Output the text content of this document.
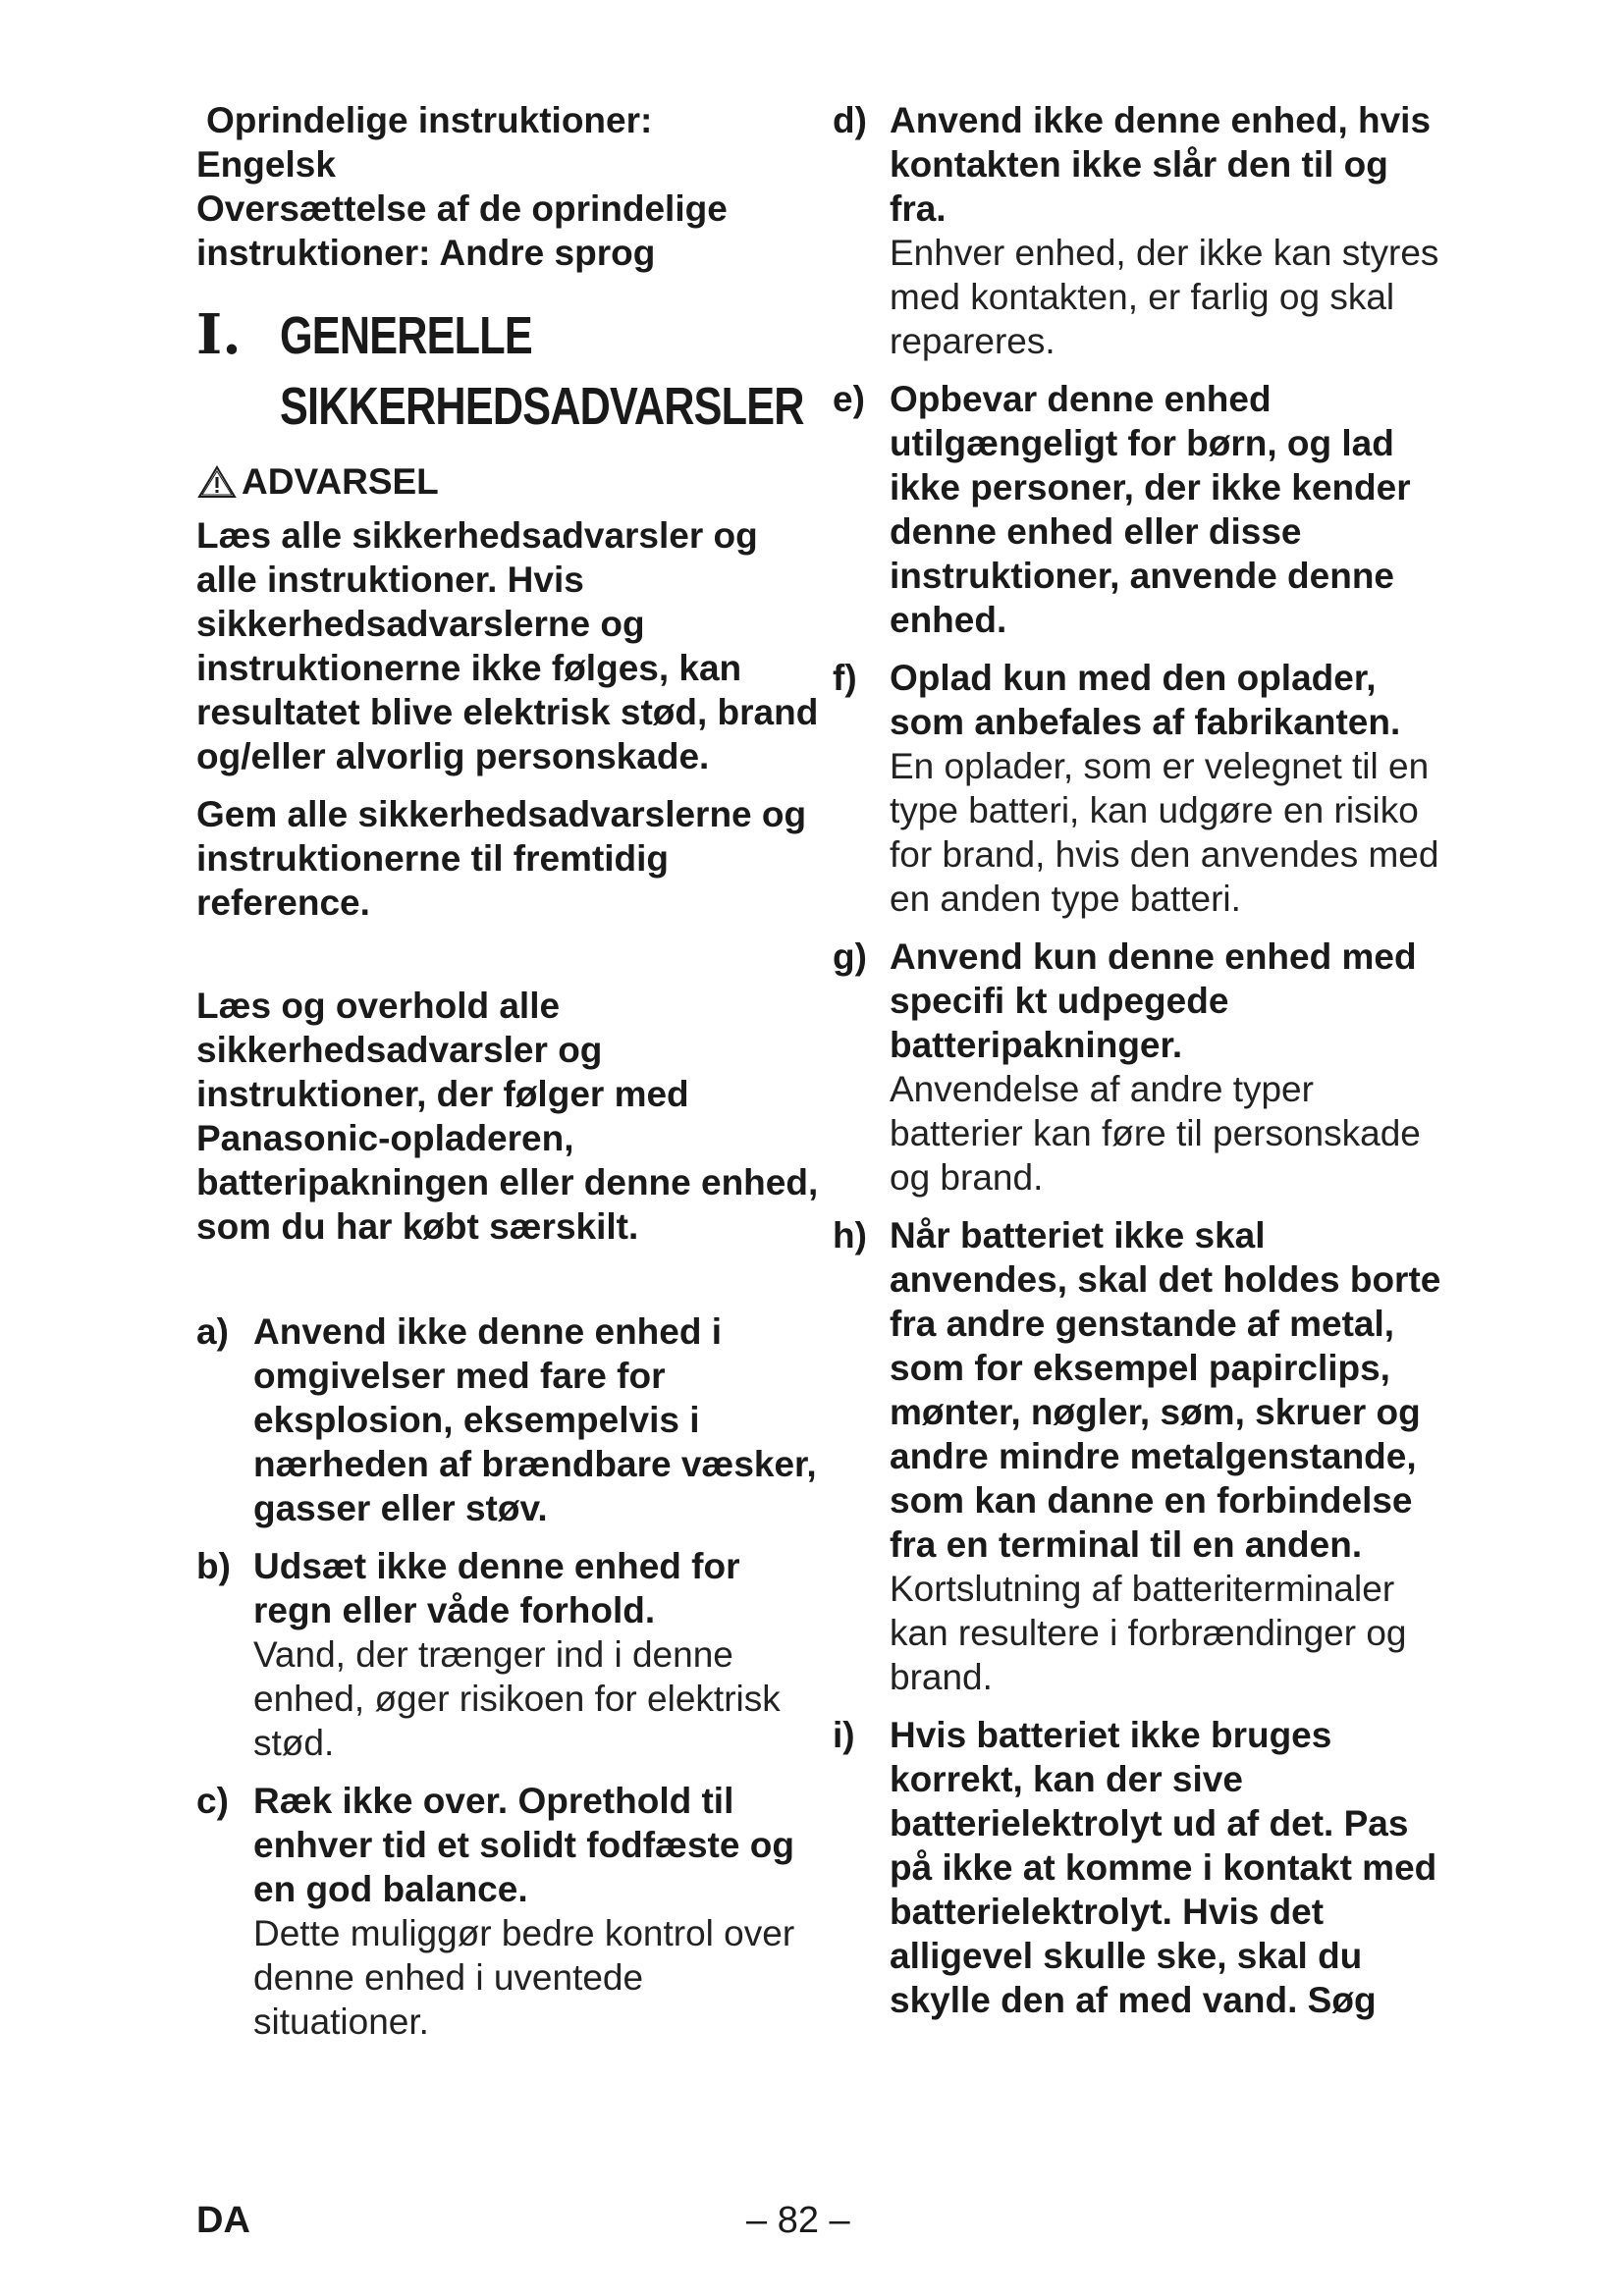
Oprindelige instruktioner:
Engelsk
Oversættelse af de oprindelige
instruktioner: Andre sprog
I. GENERELLE
SIKKERHEDSADVARSLER
ADVARSEL

Læs alle sikkerhedsadvarsler og alle instruktioner. Hvis sikkerhedsadvarslerne og instruktionerne ikke følges, kan resultatet blive elektrisk stød, brand og/eller alvorlig personskade.

Gem alle sikkerhedsadvarslerne og instruktionerne til fremtidig reference.

Læs og overhold alle sikkerhedsadvarsler og instruktioner, der følger med Panasonic-opladeren, batteripakningen eller denne enhed, som du har købt særskilt.

a) Anvend ikke denne enhed i omgivelser med fare for eksplosion, eksempelvis i nærheden af brændbare væsker, gasser eller støv.
b) Udsæt ikke denne enhed for regn eller våde forhold.
Vand, der trænger ind i denne enhed, øger risikoen for elektrisk stød.
c) Ræk ikke over. Oprethold til enhver tid et solidt fodfæste og en god balance.
Dette muliggør bedre kontrol over denne enhed i uventede situationer.
d) Anvend ikke denne enhed, hvis kontakten ikke slår den til og fra.
Enhver enhed, der ikke kan styres med kontakten, er farlig og skal repareres.
e) Opbevar denne enhed utilgængeligt for børn, og lad ikke personer, der ikke kender denne enhed eller disse instruktioner, anvende denne enhed.
f) Oplad kun med den oplader, som anbefales af fabrikanten.
En oplader, som er velegnet til en type batteri, kan udgøre en risiko for brand, hvis den anvendes med en anden type batteri.
g) Anvend kun denne enhed med specifi kt udpegede batteripakninger.
Anvendelse af andre typer batterier kan føre til personskade og brand.
h) Når batteriet ikke skal anvendes, skal det holdes borte fra andre genstande af metal, som for eksempel papirclips, mønter, nøgler, søm, skruer og andre mindre metalgenstande, som kan danne en forbindelse fra en terminal til en anden.
Kortslutning af batteriterminaler kan resultere i forbrændinger og brand.
i) Hvis batteriet ikke bruges korrekt, kan der sive batterielektrolyt ud af det. Pas på ikke at komme i kontakt med batterielektrolyt. Hvis det alligevel skulle ske, skal du skylle den af med vand. Søg
DA	– 82 –
